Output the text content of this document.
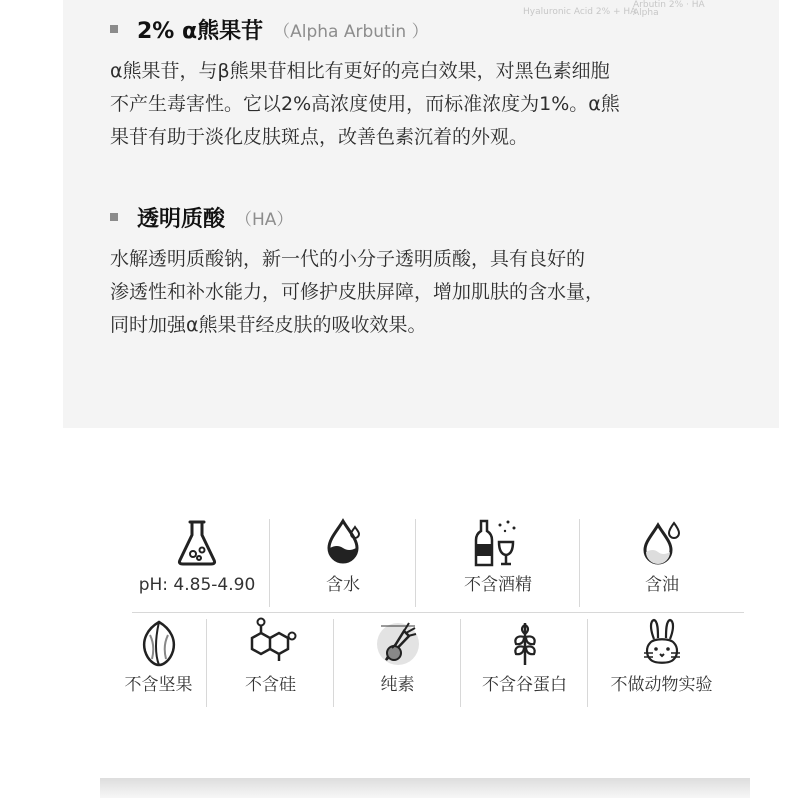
Alpha
Arbutin 2% · HA
Hyaluronic Acid 2% + HA
2% α熊果苷 （Alpha Arbutin ）
α熊果苷，与β熊果苷相比有更好的亮白效果，对黑色素细胞
不产生毒害性。它以2%高浓度使用，而标准浓度为1%。α熊
果苷有助于淡化皮肤斑点，改善色素沉着的外观。
透明质酸 （HA）
水解透明质酸钠，新一代的小分子透明质酸，具有良好的
渗透性和补水能力，可修护皮肤屏障，增加肌肤的含水量，
同时加强α熊果苷经皮肤的吸收效果。
pH: 4.85-4.90	含水	不含酒精	含油
不含坚果	不含硅	纯素	不含谷蛋白	不做动物实验
